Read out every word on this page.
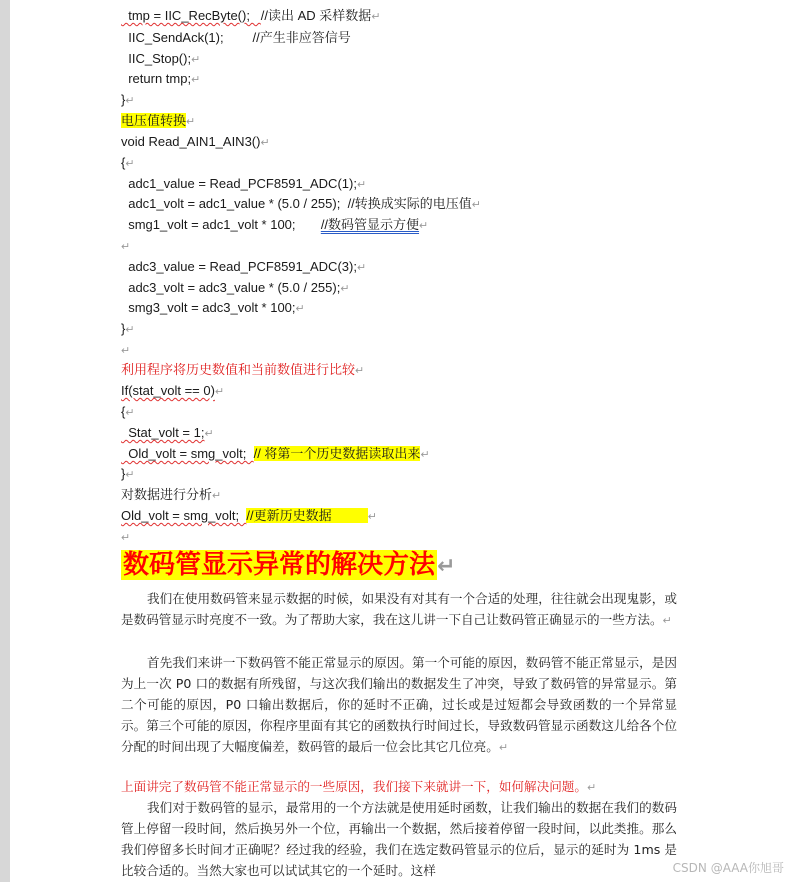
tmp = IIC_RecByte();   //读出 AD 采样数据↵
IIC_SendAck(1);        //产生非应答信号
IIC_Stop();↵
return tmp;↵
}↵
电压值转换↵
void Read_AIN1_AIN3()↵
{↵
adc1_value = Read_PCF8591_ADC(1);↵
adc1_volt = adc1_value * (5.0 / 255);  //转换成实际的电压值↵
smg1_volt = adc1_volt * 100;       //数码管显示方便↵
↵
adc3_value = Read_PCF8591_ADC(3);↵
adc3_volt = adc3_value * (5.0 / 255);↵
smg3_volt = adc3_volt * 100;↵
}↵
↵
利用程序将历史数值和当前数值进行比较↵
If(stat_volt == 0)↵
{↵
Stat_volt = 1;↵
Old_volt = smg_volt;  // 将第一个历史数据读取出来↵
}↵
对数据进行分析↵
Old_volt = smg_volt;  //更新历史数据          ↵
↵
数码管显示异常的解决方法↵
我们在使用数码管来显示数据的时候，如果没有对其有一个合适的处理，往往就会出现鬼影，或是数码管显示时亮度不一致。为了帮助大家，我在这儿讲一下自己让数码管正确显示的一些方法。↵
首先我们来讲一下数码管不能正常显示的原因。第一个可能的原因，数码管不能正常显示，是因为上一次 P0 口的数据有所残留，与这次我们输出的数据发生了冲突，导致了数码管的异常显示。第二个可能的原因，P0 口输出数据后，你的延时不正确，过长或是过短都会导致函数的一个异常显示。第三个可能的原因，你程序里面有其它的函数执行时间过长，导致数码管显示函数这儿给各个位分配的时间出现了大幅度偏差，数码管的最后一位会比其它几位亮。↵
上面讲完了数码管不能正常显示的一些原因，我们接下来就讲一下，如何解决问题。↵
我们对于数码管的显示，最常用的一个方法就是使用延时函数，让我们输出的数据在我们的数码管上停留一段时间，然后换另外一个位，再输出一个数据，然后接着停留一段时间，以此类推。那么我们停留多长时间才正确呢？经过我的经验，我们在选定数码管显示的位后，显示的延时为 1ms 是比较合适的。当然大家也可以试试其它的一个延时。这样	CSDN @AAA你旭哥
